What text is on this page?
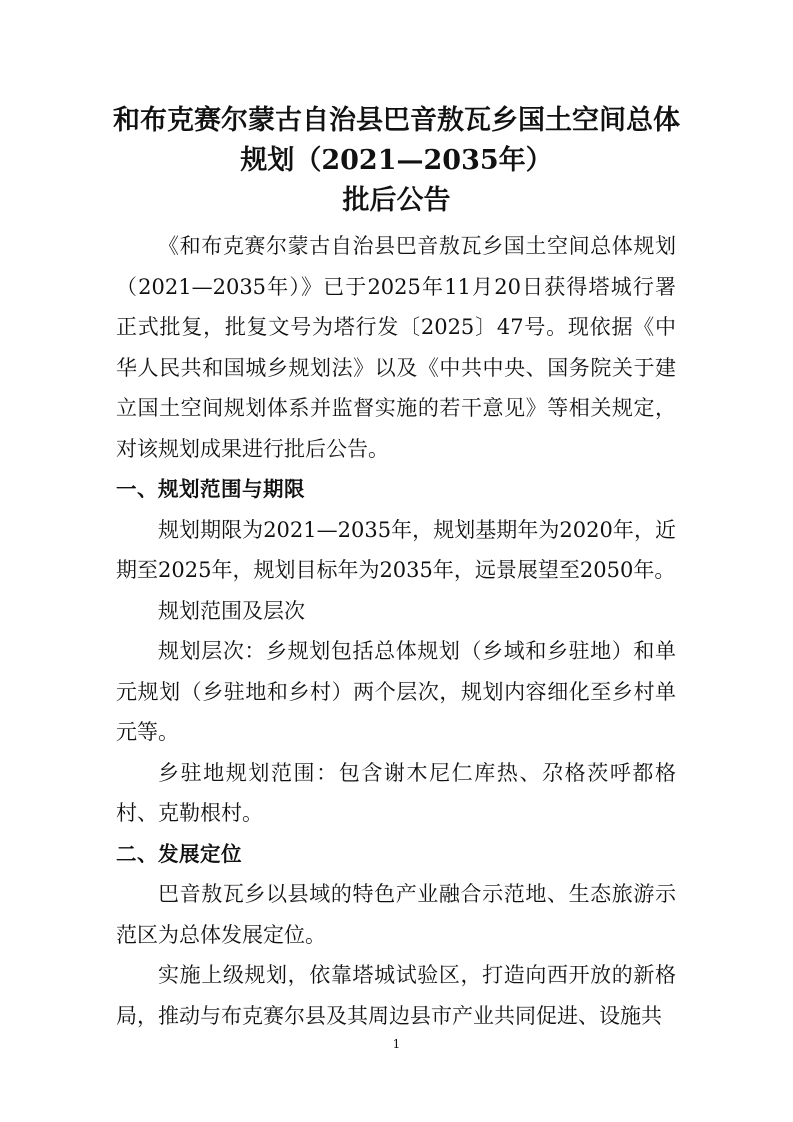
和布克赛尔蒙古自治县巴音敖瓦乡国土空间总体
规划（2021—2035年）
批后公告

《和布克赛尔蒙古自治县巴音敖瓦乡国土空间总体规划（2021—2035年）》已于2025年11月20日获得塔城行署正式批复，批复文号为塔行发〔2025〕47号。现依据《中华人民共和国城乡规划法》以及《中共中央、国务院关于建立国土空间规划体系并监督实施的若干意见》等相关规定，对该规划成果进行批后公告。

一、规划范围与期限

规划期限为2021—2035年，规划基期年为2020年，近期至2025年，规划目标年为2035年，远景展望至2050年。

规划范围及层次

规划层次：乡规划包括总体规划（乡域和乡驻地）和单元规划（乡驻地和乡村）两个层次，规划内容细化至乡村单元等。

乡驻地规划范围：包含谢木尼仁库热、尕格茨呼都格村、克勒根村。

二、发展定位

巴音敖瓦乡以县域的特色产业融合示范地、生态旅游示范区为总体发展定位。

实施上级规划，依靠塔城试验区，打造向西开放的新格局，推动与布克赛尔县及其周边县市产业共同促进、设施共

1
